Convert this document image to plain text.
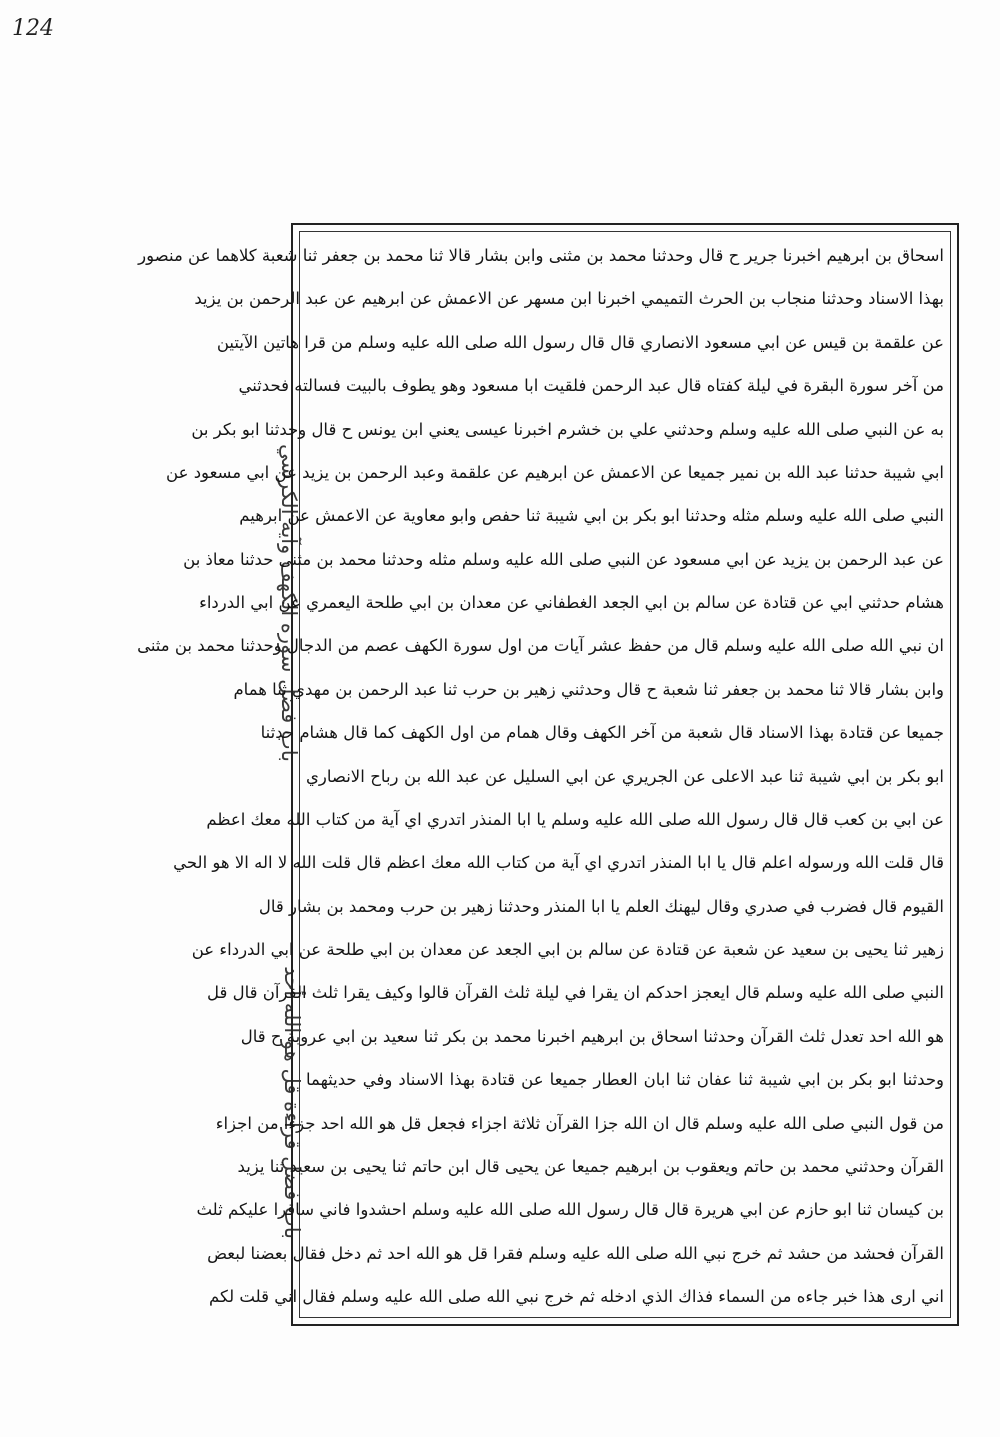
124
باب فضل سورة الكهف وآية الكرسي
باب فضل قراءة قل هو الله أحد
اسحاق بن ابرهيم اخبرنا جرير ح قال وحدثنا محمد بن مثنى وابن بشار قالا ثنا محمد بن جعفر ثنا شعبة كلاهما عن منصور
بهذا الاسناد وحدثنا منجاب بن الحرث التميمي اخبرنا ابن مسهر عن الاعمش عن ابرهيم عن عبد الرحمن بن يزيد
عن علقمة بن قيس عن ابي مسعود الانصاري قال قال رسول الله صلى الله عليه وسلم من قرا هاتين الآيتين
من آخر سورة البقرة في ليلة كفتاه قال عبد الرحمن فلقيت ابا مسعود وهو يطوف بالبيت فسالته فحدثني
به عن النبي صلى الله عليه وسلم وحدثني علي بن خشرم اخبرنا عيسى يعني ابن يونس ح قال وحدثنا ابو بكر بن
ابي شيبة حدثنا عبد الله بن نمير جميعا عن الاعمش عن ابرهيم عن علقمة وعبد الرحمن بن يزيد عن ابي مسعود عن
النبي صلى الله عليه وسلم مثله وحدثنا ابو بكر بن ابي شيبة ثنا حفص وابو معاوية عن الاعمش عن ابرهيم
عن عبد الرحمن بن يزيد عن ابي مسعود عن النبي صلى الله عليه وسلم مثله وحدثنا محمد بن مثنى حدثنا معاذ بن
هشام حدثني ابي عن قتادة عن سالم بن ابي الجعد الغطفاني عن معدان بن ابي طلحة اليعمري عن ابي الدرداء
ان نبي الله صلى الله عليه وسلم قال من حفظ عشر آيات من اول سورة الكهف عصم من الدجال وحدثنا محمد بن مثنى
وابن بشار قالا ثنا محمد بن جعفر ثنا شعبة ح قال وحدثني زهير بن حرب ثنا عبد الرحمن بن مهدي ثنا همام
جميعا عن قتادة بهذا الاسناد قال شعبة من آخر الكهف وقال همام من اول الكهف كما قال هشام حدثنا
ابو بكر بن ابي شيبة ثنا عبد الاعلى عن الجريري عن ابي السليل عن عبد الله بن رباح الانصاري
عن ابي بن كعب قال قال رسول الله صلى الله عليه وسلم يا ابا المنذر اتدري اي آية من كتاب الله معك اعظم
قال قلت الله ورسوله اعلم قال يا ابا المنذر اتدري اي آية من كتاب الله معك اعظم قال قلت الله لا اله الا هو الحي
القيوم قال فضرب في صدري وقال ليهنك العلم يا ابا المنذر وحدثنا زهير بن حرب ومحمد بن بشار قال
زهير ثنا يحيى بن سعيد عن شعبة عن قتادة عن سالم بن ابي الجعد عن معدان بن ابي طلحة عن ابي الدرداء عن
النبي صلى الله عليه وسلم قال ايعجز احدكم ان يقرا في ليلة ثلث القرآن قالوا وكيف يقرا ثلث القرآن قال قل
هو الله احد تعدل ثلث القرآن وحدثنا اسحاق بن ابرهيم اخبرنا محمد بن بكر ثنا سعيد بن ابي عروبة ح قال
وحدثنا ابو بكر بن ابي شيبة ثنا عفان ثنا ابان العطار جميعا عن قتادة بهذا الاسناد وفي حديثهما
من قول النبي صلى الله عليه وسلم قال ان الله جزا القرآن ثلاثة اجزاء فجعل قل هو الله احد جزءا من اجزاء
القرآن وحدثني محمد بن حاتم ويعقوب بن ابرهيم جميعا عن يحيى قال ابن حاتم ثنا يحيى بن سعيد ثنا يزيد
بن كيسان ثنا ابو حازم عن ابي هريرة قال قال رسول الله صلى الله عليه وسلم احشدوا فاني ساقرا عليكم ثلث
القرآن فحشد من حشد ثم خرج نبي الله صلى الله عليه وسلم فقرا قل هو الله احد ثم دخل فقال بعضنا لبعض
اني ارى هذا خبر جاءه من السماء فذاك الذي ادخله ثم خرج نبي الله صلى الله عليه وسلم فقال اني قلت لكم
